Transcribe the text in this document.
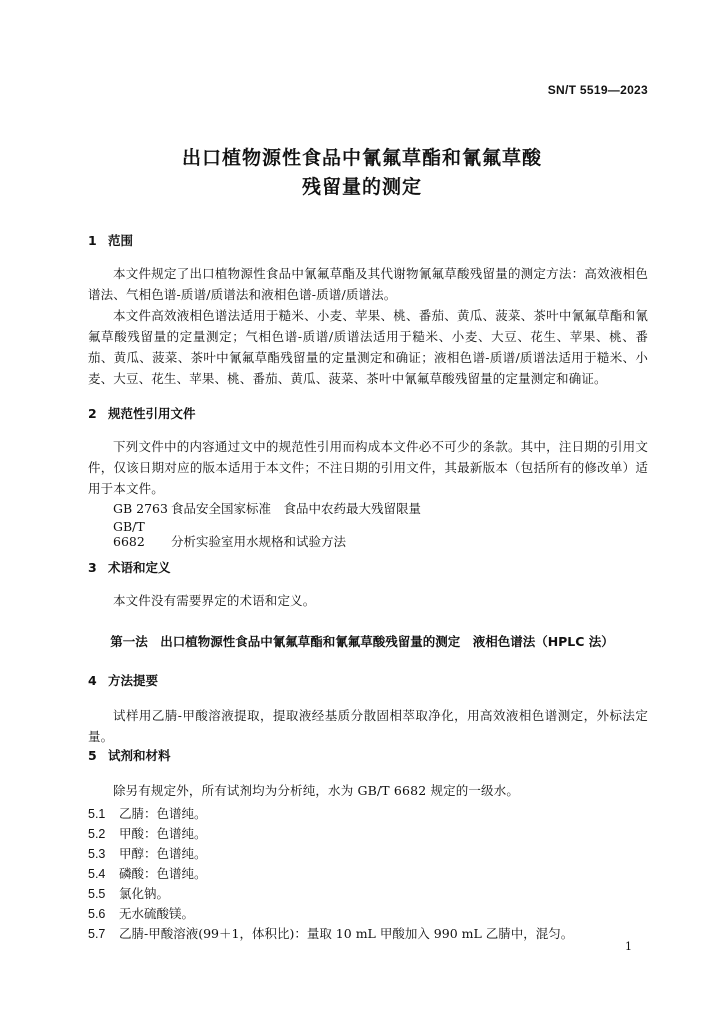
SN/T 5519—2023
出口植物源性食品中氰氟草酯和氰氟草酸
残留量的测定
1 范围
本文件规定了出口植物源性食品中氰氟草酯及其代谢物氰氟草酸残留量的测定方法：高效液相色谱法、气相色谱-质谱/质谱法和液相色谱-质谱/质谱法。
本文件高效液相色谱法适用于糙米、小麦、苹果、桃、番茄、黄瓜、菠菜、茶叶中氰氟草酯和氰氟草酸残留量的定量测定；气相色谱-质谱/质谱法适用于糙米、小麦、大豆、花生、苹果、桃、番茄、黄瓜、菠菜、茶叶中氰氟草酯残留量的定量测定和确证；液相色谱-质谱/质谱法适用于糙米、小麦、大豆、花生、苹果、桃、番茄、黄瓜、菠菜、茶叶中氰氟草酸残留量的定量测定和确证。
2 规范性引用文件
下列文件中的内容通过文中的规范性引用而构成本文件必不可少的条款。其中，注日期的引用文件，仅该日期对应的版本适用于本文件；不注日期的引用文件，其最新版本（包括所有的修改单）适用于本文件。
GB 2763 食品安全国家标准　食品中农药最大残留限量
GB/T 6682 分析实验室用水规格和试验方法
3 术语和定义
本文件没有需要界定的术语和定义。
第一法　出口植物源性食品中氰氟草酯和氰氟草酸残留量的测定　液相色谱法（HPLC 法）
4 方法提要
试样用乙腈-甲酸溶液提取，提取液经基质分散固相萃取净化，用高效液相色谱测定，外标法定量。
5 试剂和材料
除另有规定外，所有试剂均为分析纯，水为 GB/T 6682 规定的一级水。
5.1 乙腈：色谱纯。
5.2 甲酸：色谱纯。
5.3 甲醇：色谱纯。
5.4 磷酸：色谱纯。
5.5 氯化钠。
5.6 无水硫酸镁。
5.7 乙腈-甲酸溶液(99＋1，体积比)：量取 10 mL 甲酸加入 990 mL 乙腈中，混匀。
1
